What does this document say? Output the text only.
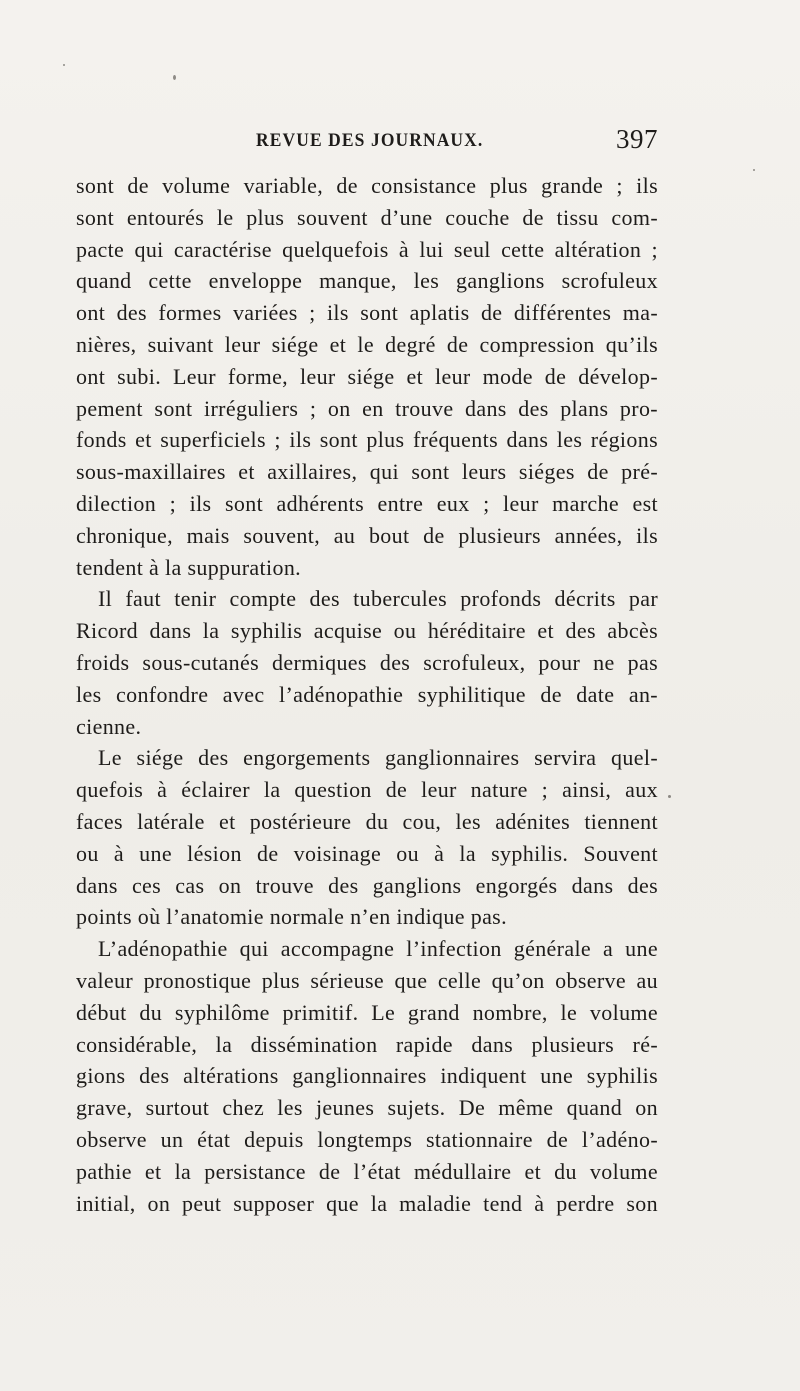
REVUE DES JOURNAUX.	397
sont de volume variable, de consistance plus grande ; ils
sont entourés le plus souvent d’une couche de tissu com-
pacte qui caractérise quelquefois à lui seul cette altération ;
quand cette enveloppe manque, les ganglions scrofuleux
ont des formes variées ; ils sont aplatis de différentes ma-
nières, suivant leur siége et le degré de compression qu’ils
ont subi. Leur forme, leur siége et leur mode de dévelop-
pement sont irréguliers ; on en trouve dans des plans pro-
fonds et superficiels ; ils sont plus fréquents dans les régions
sous-maxillaires et axillaires, qui sont leurs siéges de pré-
dilection ; ils sont adhérents entre eux ; leur marche est
chronique, mais souvent, au bout de plusieurs années, ils
tendent à la suppuration.
Il faut tenir compte des tubercules profonds décrits par
Ricord dans la syphilis acquise ou héréditaire et des abcès
froids sous-cutanés dermiques des scrofuleux, pour ne pas
les confondre avec l’adénopathie syphilitique de date an-
cienne.
Le siége des engorgements ganglionnaires servira quel-
quefois à éclairer la question de leur nature ; ainsi, aux
faces latérale et postérieure du cou, les adénites tiennent
ou à une lésion de voisinage ou à la syphilis. Souvent
dans ces cas on trouve des ganglions engorgés dans des
points où l’anatomie normale n’en indique pas.
L’adénopathie qui accompagne l’infection générale a une
valeur pronostique plus sérieuse que celle qu’on observe au
début du syphilôme primitif. Le grand nombre, le volume
considérable, la dissémination rapide dans plusieurs ré-
gions des altérations ganglionnaires indiquent une syphilis
grave, surtout chez les jeunes sujets. De même quand on
observe un état depuis longtemps stationnaire de l’adéno-
pathie et la persistance de l’état médullaire et du volume
initial, on peut supposer que la maladie tend à perdre son
